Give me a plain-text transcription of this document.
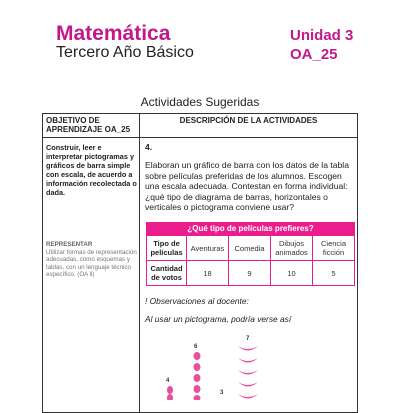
Matemática
Tercero Año Básico
Unidad 3
OA_25
Actividades Sugeridas
OBJETIVO DE APRENDIZAJE OA_25	DESCRIPCIÓN DE LA ACTIVIDADES

Construir, leer e interpretar pictogramas y gráficos de barra simple con escala, de acuerdo a información recolectada o dada.
REPRESENTAR
Utilizar formas de representación adecuadas, como esquemas y tablas, con un lenguaje técnico específico. (OA ll)
4.
Elaboran un gráfico de barra con los datos de la tabla sobre películas preferidas de los alumnos. Escogen una escala adecuada. Contestan en forma individual: ¿qué tipo de diagrama de barras, horizontales o verticales o pictograma conviene usar?
¿Qué tipo de películas prefieres?
Tipo de películas	Aventuras	Comedia	Dibujos animados	Ciencia ficción
Cantidad de votos	18	9	10	5
! Observaciones al docente:
Al usar un pictograma, podría verse así
4
6
3
7
